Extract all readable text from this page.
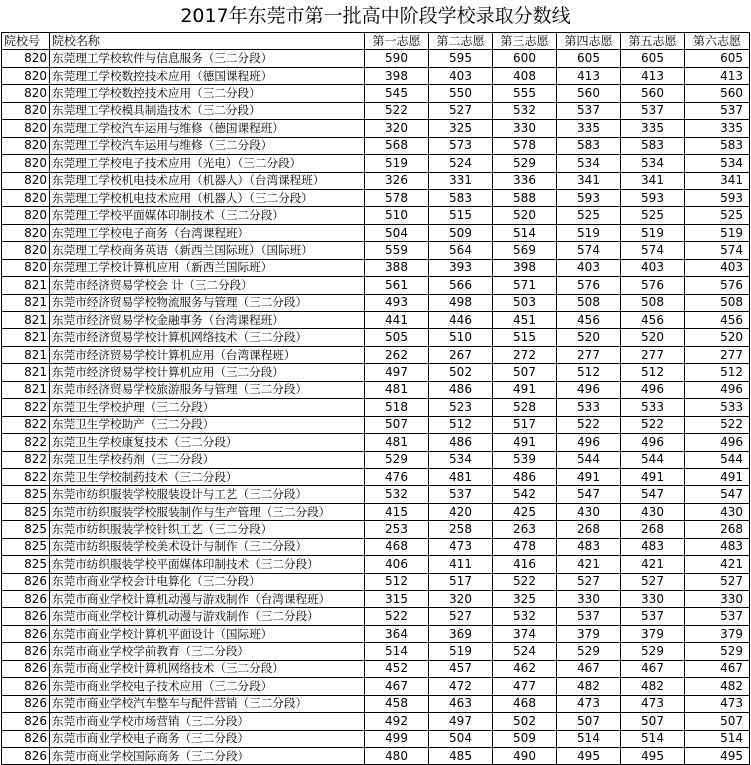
2017年东莞市第一批高中阶段学校录取分数线
院校号	院校名称	第一志愿	第二志愿	第三志愿	第四志愿	第五志愿	第六志愿
820	东莞理工学校软件与信息服务（三二分段）	590	595	600	605	605	605
820	东莞理工学校数控技术应用（德国课程班）	398	403	408	413	413	413
820	东莞理工学校数控技术应用（三二分段）	545	550	555	560	560	560
820	东莞理工学校模具制造技术（三二分段）	522	527	532	537	537	537
820	东莞理工学校汽车运用与维修（德国课程班）	320	325	330	335	335	335
820	东莞理工学校汽车运用与维修（三二分段）	568	573	578	583	583	583
820	东莞理工学校电子技术应用（光电）（三二分段）	519	524	529	534	534	534
820	东莞理工学校机电技术应用（机器人）（台湾课程班）	326	331	336	341	341	341
820	东莞理工学校机电技术应用（机器人）（三二分段）	578	583	588	593	593	593
820	东莞理工学校平面媒体印制技术（三二分段）	510	515	520	525	525	525
820	东莞理工学校电子商务（台湾课程班）	504	509	514	519	519	519
820	东莞理工学校商务英语（新西兰国际班）（国际班）	559	564	569	574	574	574
820	东莞理工学校计算机应用（新西兰国际班）	388	393	398	403	403	403
821	东莞市经济贸易学校会 计（三二分段）	561	566	571	576	576	576
821	东莞市经济贸易学校物流服务与管理（三二分段）	493	498	503	508	508	508
821	东莞市经济贸易学校金融事务（台湾课程班）	441	446	451	456	456	456
821	东莞市经济贸易学校计算机网络技术（三二分段）	505	510	515	520	520	520
821	东莞市经济贸易学校计算机应用（台湾课程班）	262	267	272	277	277	277
821	东莞市经济贸易学校计算机应用（三二分段）	497	502	507	512	512	512
821	东莞市经济贸易学校旅游服务与管理（三二分段）	481	486	491	496	496	496
822	东莞卫生学校护理（三二分段）	518	523	528	533	533	533
822	东莞卫生学校助产（三二分段）	507	512	517	522	522	522
822	东莞卫生学校康复技术（三二分段）	481	486	491	496	496	496
822	东莞卫生学校药剂（三二分段）	529	534	539	544	544	544
822	东莞卫生学校制药技术（三二分段）	476	481	486	491	491	491
825	东莞市纺织服装学校服装设计与工艺（三二分段）	532	537	542	547	547	547
825	东莞市纺织服装学校服装制作与生产管理（三二分段）	415	420	425	430	430	430
825	东莞市纺织服装学校针织工艺（三二分段）	253	258	263	268	268	268
825	东莞市纺织服装学校美术设计与制作（三二分段）	468	473	478	483	483	483
825	东莞市纺织服装学校平面媒体印制技术（三二分段）	406	411	416	421	421	421
826	东莞市商业学校会计电算化（三二分段）	512	517	522	527	527	527
826	东莞市商业学校计算机动漫与游戏制作（台湾课程班）	315	320	325	330	330	330
826	东莞市商业学校计算机动漫与游戏制作（三二分段）	522	527	532	537	537	537
826	东莞市商业学校计算机平面设计（国际班）	364	369	374	379	379	379
826	东莞市商业学校学前教育（三二分段）	514	519	524	529	529	529
826	东莞市商业学校计算机网络技术（三二分段）	452	457	462	467	467	467
826	东莞市商业学校电子技术应用（三二分段）	467	472	477	482	482	482
826	东莞市商业学校汽车整车与配件营销（三二分段）	458	463	468	473	473	473
826	东莞市商业学校市场营销（三二分段）	492	497	502	507	507	507
826	东莞市商业学校电子商务（三二分段）	499	504	509	514	514	514
826	东莞市商业学校国际商务（三二分段）	480	485	490	495	495	495
